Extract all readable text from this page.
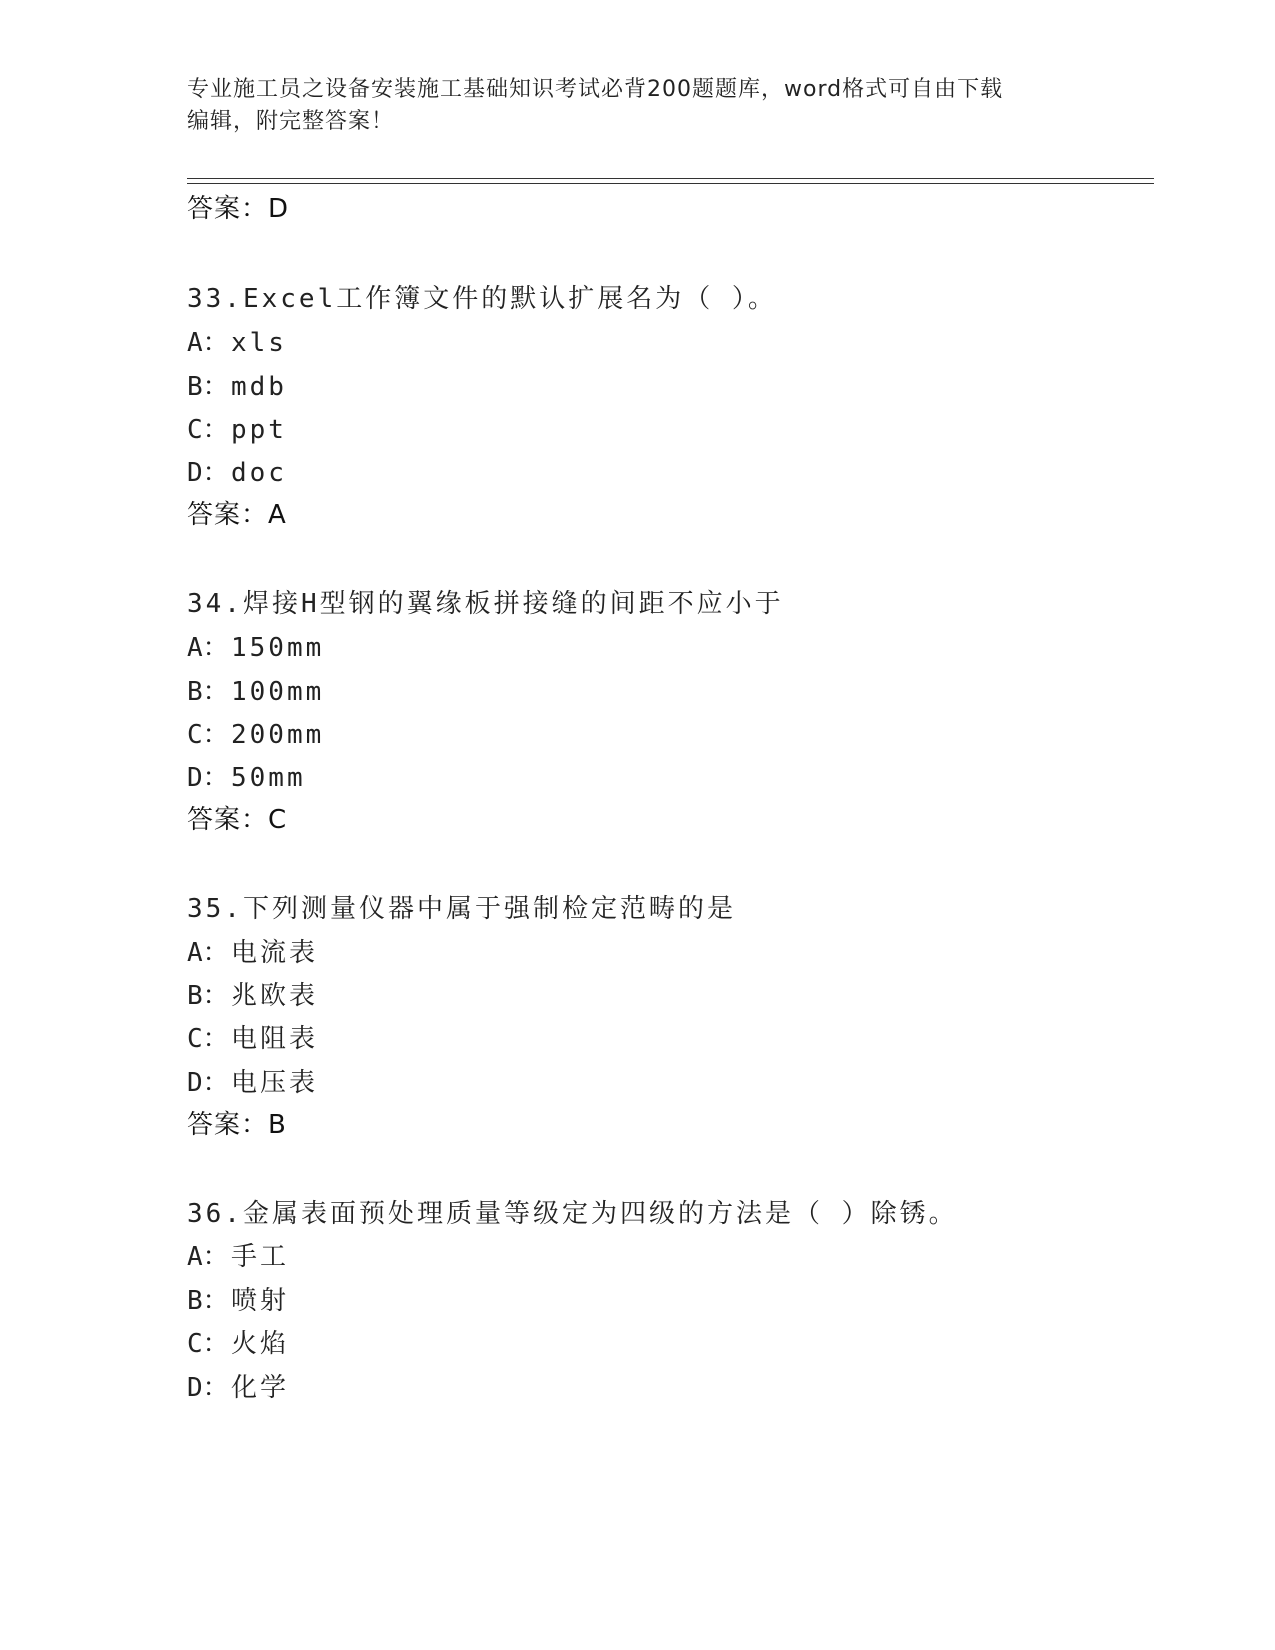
专业施工员之设备安装施工基础知识考试必背200题题库，word格式可自由下载
编辑，附完整答案！
答案：D
33.Excel工作簿文件的默认扩展名为（ ）。
A：xls
B：mdb
C：ppt
D：doc
答案：A
34.焊接H型钢的翼缘板拼接缝的间距不应小于
A：150mm
B：100mm
C：200mm
D：50mm
答案：C
35.下列测量仪器中属于强制检定范畴的是
A：电流表
B：兆欧表
C：电阻表
D：电压表
答案：B
36.金属表面预处理质量等级定为四级的方法是（ ）除锈。
A：手工
B：喷射
C：火焰
D：化学
